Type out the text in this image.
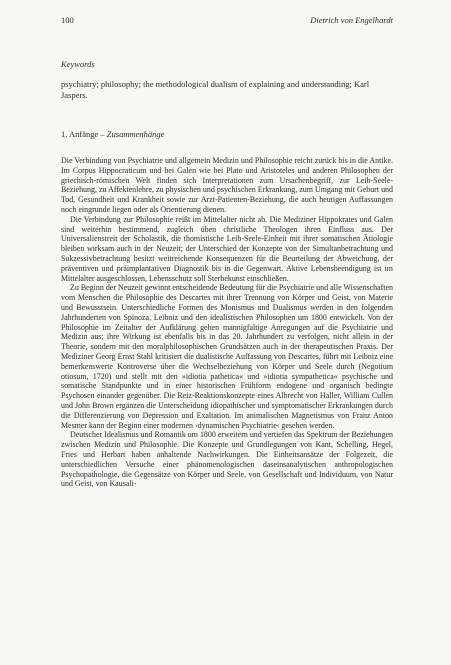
100	Dietrich von Engelhardt
Keywords
psychiatry; philosophy; the methodological dualism of explaining and understanding; Karl Jaspers.
1. Anfänge – Zusammenhänge

Die Verbindung von Psychiatrie und allgemein Medizin und Philosophie reicht zurück bis in die Antike. Im Corpus Hippocraticum und bei Galen wie bei Plato und Aristoteles und anderen Philosophen der griechisch-römischen Welt finden sich Interpretationen zum Ursachenbegriff, zur Leib-Seele-Beziehung, zu Affektenlehre, zu physischen und psychischen Erkrankung, zum Umgang mit Geburt und Tod, Gesundheit und Krankheit sowie zur Arzt-Patienten-Beziehung, die auch heutigen Auffassungen noch eingrunde liegen oder als Orientierung dienen.

Die Verbindung zur Philosophie reißt im Mittelalter nicht ab. Die Mediziner Hippokrates und Galen sind weiterhin bestimmend, zugleich üben christliche Theologen ihren Einfluss aus. Der Universalienstreit der Scholastik, die thomistische Leib-Seele-Einheit mit ihrer somatischen Ätiologie bleiben wirksam auch in der Neuzeit; der Unterschied der Konzepte von der Simultanbetrachtung und Sukzessivbetrachtung besitzt weitreichende Konsequenzen für die Beurteilung der Abweichung, der präventiven und präimplantativen Diagnostik bis in die Gegenwart. Aktive Lebensbeendigung ist im Mittelalter ausgeschlossen, Lebensschutz soll Sterbekunst einschließen.

Zu Beginn der Neuzeit gewinnt entscheidende Bedeutung für die Psychiatrie und alle Wissenschaften vom Menschen die Philosophie des Descartes mit ihrer Trennung von Körper und Geist, von Materie und Bewusstsein. Unterschiedliche Formen des Monismus und Dualismus werden in den folgenden Jahrhunderten von Spinoza, Leibniz und den idealistischen Philosophen um 1800 entwickelt. Von der Philosophie im Zeitalter der Aufklärung gehen mannigfaltige Anregungen auf die Psychiatrie und Medizin aus; ihre Wirkung ist ebenfalls bis in das 20. Jahrhundert zu verfolgen, nicht allein in der Theorie, sondern mit den moralphilosophischen Grundsätzen auch in der therapeutischen Praxis. Der Mediziner Georg Ernst Stahl kritisiert die dualistische Auffassung von Descartes, führt mit Leibniz eine bemerkenswerte Kontroverse über die Wechselbeziehung von Körper und Seele durch (Negotium otiosum, 1720) und stellt mit den »idiotia pathetica« und »idiotia sympathetica« psychische und somatische Standpunkte und in einer historischen Frühform endogene und organisch bedingte Psychosen einander gegenüber. Die Reiz-Reaktionskonzepte eines Albrecht von Haller, William Cullen und John Brown ergänzen die Unterscheidung idiopathischer und symptomatischer Erkrankungen durch die Differenzierung von Depression und Exaltation. Im animalischen Magnetismus von Franz Anton Mesmer kann der Beginn einer modernen ›dynamischen Psychiatrie‹ gesehen werden.

Deutscher Idealismus und Romantik um 1800 erweitern und vertiefen das Spektrum der Beziehungen zwischen Medizin und Philosophie. Die Konzepte und Grundlegungen von Kant, Schelling, Hegel, Fries und Herbart haben anhaltende Nachwirkungen. Die Einheitsansätze der Folgezeit, die unterschiedlichen Versuche einer phänomenologischen daseinsanalytischen anthropologischen Psychopathologie, die Gegensätze von Körper und Seele, von Gesellschaft und Individuum, von Natur und Geist, von Kausali-
